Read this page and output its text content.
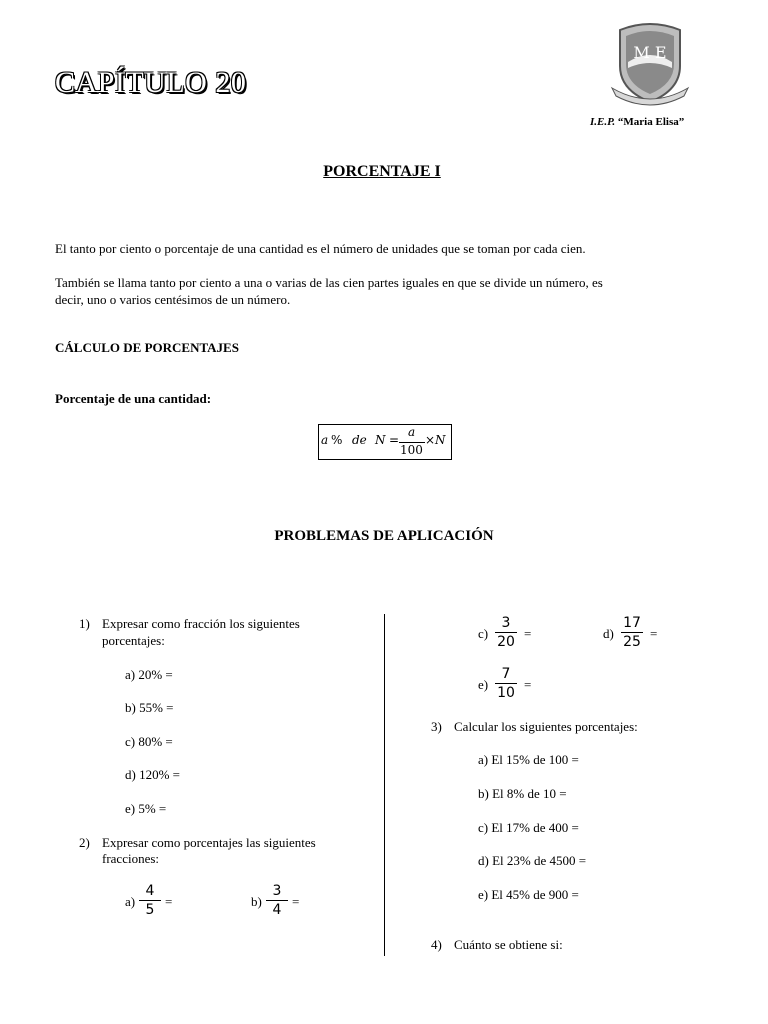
CAPÍTULO 20
M E
I.E.P. “Maria Elisa”
PORCENTAJE I
El tanto por ciento o porcentaje de una cantidad es el número de unidades que se toman por cada cien.
También se llama tanto por ciento a una o varias de las cien partes iguales en que se divide un número, es
decir, uno o varios centésimos de un número.
CÁLCULO DE PORCENTAJES
Porcentaje de una cantidad:
a % de N =
a
100
×N
PROBLEMAS DE APLICACIÓN
1) Expresar como fracción los siguientes
porcentajes:
a) 20% =
b) 55% =
c) 80% =
d) 120% =
e) 5% =
2) Expresar como porcentajes las siguientes
fracciones:
a)
4
5
=	b)
3
4
=
c)
3
20
=	d)
17
25
=
e)
7
10
=
3) Calcular los siguientes porcentajes:
a) El 15% de 100 =
b) El 8% de 10 =
c) El 17% de 400 =
d) El 23% de 4500 =
e) El 45% de 900 =
4) Cuánto se obtiene si:
